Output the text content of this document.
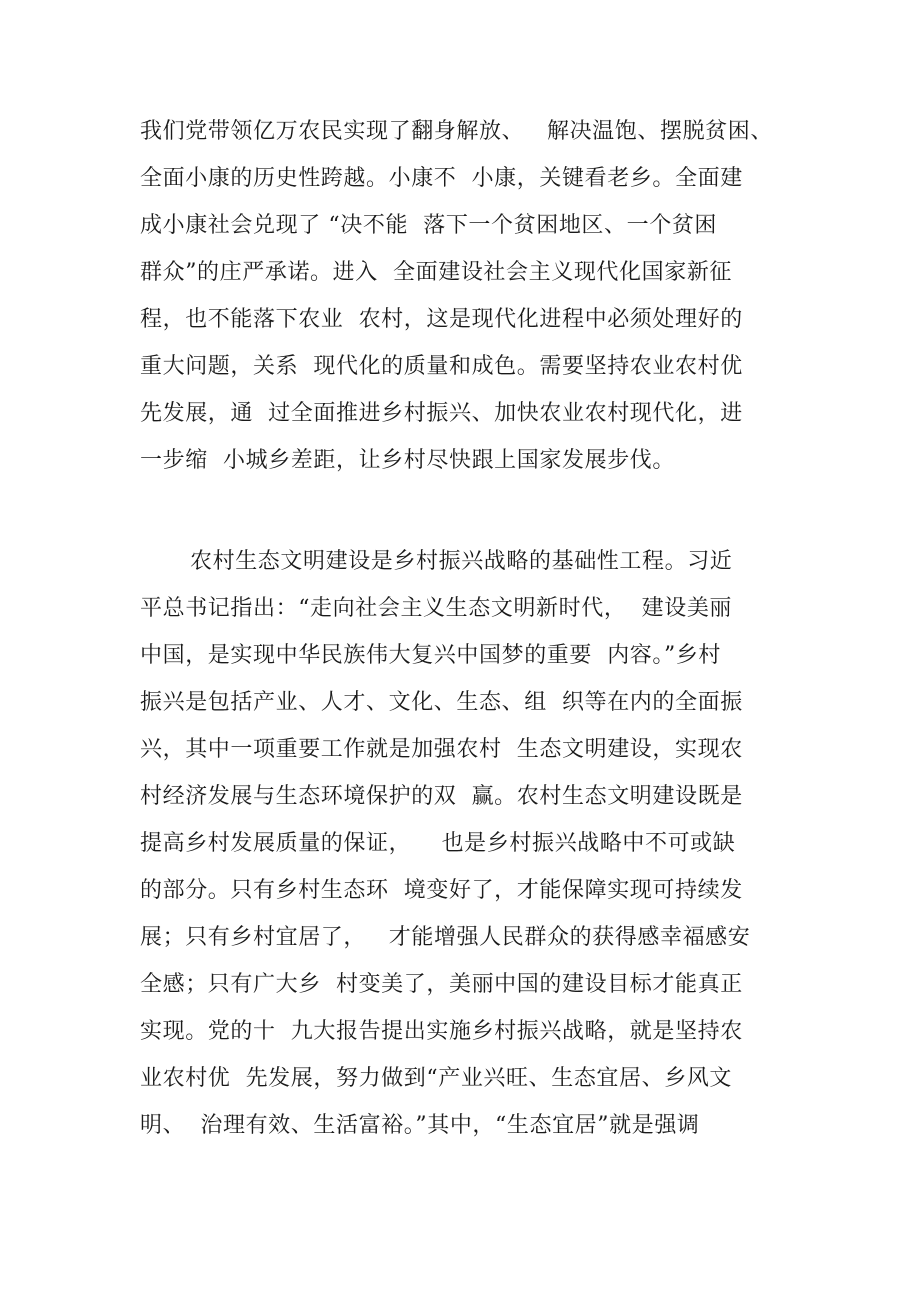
我们党带领亿万农民实现了翻身解放、   解决温饱、摆脱贫困、
全面小康的历史性跨越。小康不  小康，关键看老乡。全面建
成小康社会兑现了 “决不能  落下一个贫困地区、一个贫困
群众”的庄严承诺。进入  全面建设社会主义现代化国家新征
程，也不能落下农业  农村，这是现代化进程中必须处理好的
重大问题，关系  现代化的质量和成色。需要坚持农业农村优
先发展，通  过全面推进乡村振兴、加快农业农村现代化，进
一步缩  小城乡差距，让乡村尽快跟上国家发展步伐。
农村生态文明建设是乡村振兴战略的基础性工程。习近
平总书记指出：“走向社会主义生态文明新时代，  建设美丽
中国，是实现中华民族伟大复兴中国梦的重要  内容。”乡村
振兴是包括产业、人才、文化、生态、组  织等在内的全面振
兴，其中一项重要工作就是加强农村  生态文明建设，实现农
村经济发展与生态环境保护的双  赢。农村生态文明建设既是
提高乡村发展质量的保证，    也是乡村振兴战略中不可或缺
的部分。只有乡村生态环  境变好了，才能保障实现可持续发
展；只有乡村宜居了，   才能增强人民群众的获得感幸福感安
全感；只有广大乡  村变美了，美丽中国的建设目标才能真正
实现。党的十  九大报告提出实施乡村振兴战略，就是坚持农
业农村优  先发展，努力做到“产业兴旺、生态宜居、乡风文
明、  治理有效、生活富裕。”其中，“生态宜居”就是强调
